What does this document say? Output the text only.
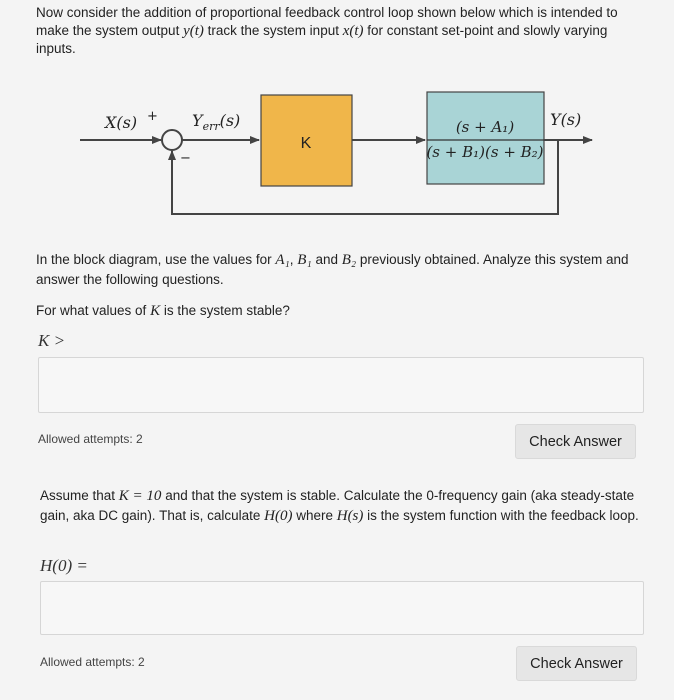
Now consider the addition of proportional feedback control loop shown below which is intended to make the system output y(t) track the system input x(t) for constant set-point and slowly varying inputs.
K
(s + A₁)
(s + B₁)(s + B₂)
X(s) +
−
$Y_{err}(s)$	Y(s)
In the block diagram, use the values for A₁, B₁ and B₂ previously obtained. Analyze this system and answer the following questions.
For what values of K is the system stable?
K >
Allowed attempts: 2	Check Answer
Assume that K = 10 and that the system is stable. Calculate the 0-frequency gain (aka steady-state gain, aka DC gain). That is, calculate H(0) where H(s) is the system function with the feedback loop.
H(0) =
Allowed attempts: 2	Check Answer
